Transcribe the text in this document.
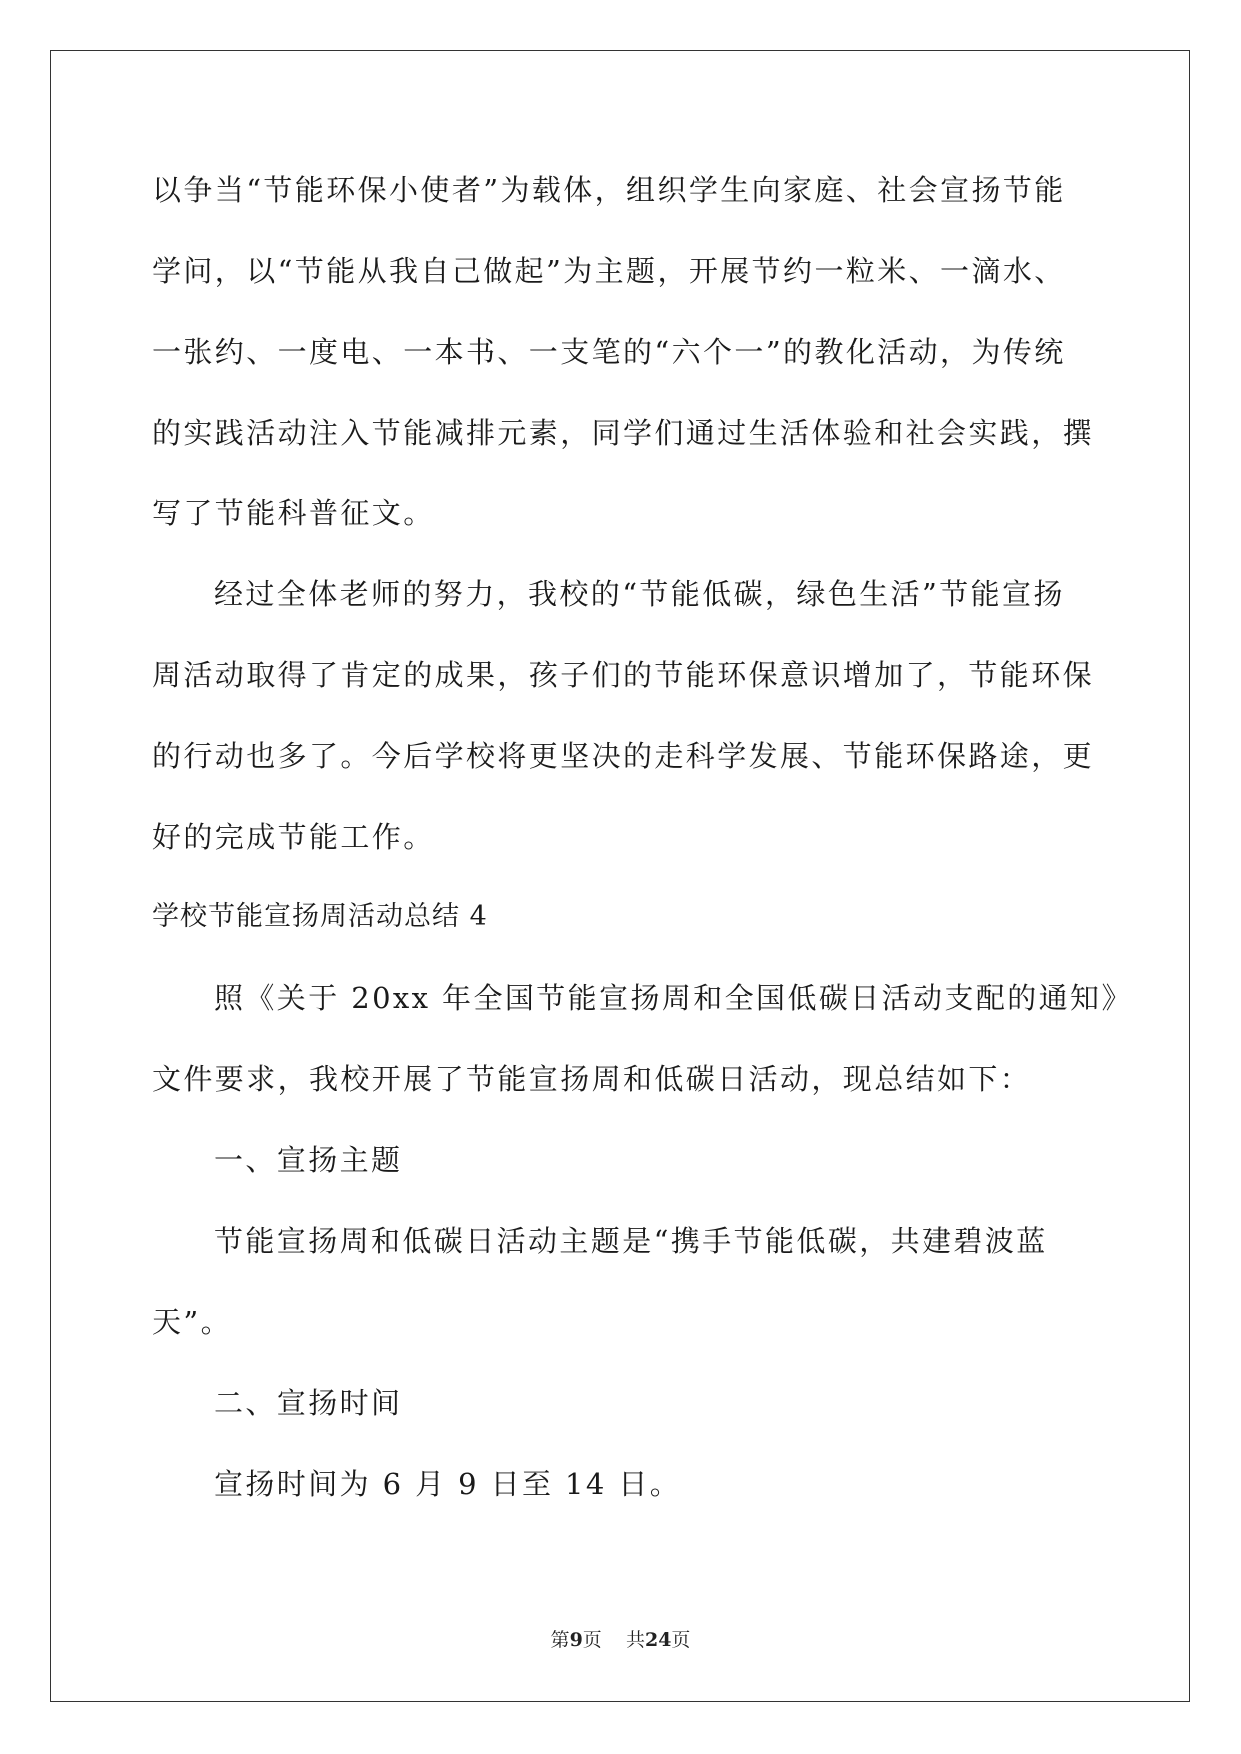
以争当“节能环保小使者”为载体，组织学生向家庭、社会宣扬节能
学问，以“节能从我自己做起”为主题，开展节约一粒米、一滴水、
一张约、一度电、一本书、一支笔的“六个一”的教化活动，为传统
的实践活动注入节能减排元素，同学们通过生活体验和社会实践，撰
写了节能科普征文。
经过全体老师的努力，我校的“节能低碳，绿色生活”节能宣扬
周活动取得了肯定的成果，孩子们的节能环保意识增加了，节能环保
的行动也多了。今后学校将更坚决的走科学发展、节能环保路途，更
好的完成节能工作。
学校节能宣扬周活动总结 4
照《关于 20xx 年全国节能宣扬周和全国低碳日活动支配的通知》
文件要求，我校开展了节能宣扬周和低碳日活动，现总结如下：
一、宣扬主题
节能宣扬周和低碳日活动主题是“携手节能低碳，共建碧波蓝
天”。
二、宣扬时间
宣扬时间为 6 月 9 日至 14 日。
第9页    共24页
